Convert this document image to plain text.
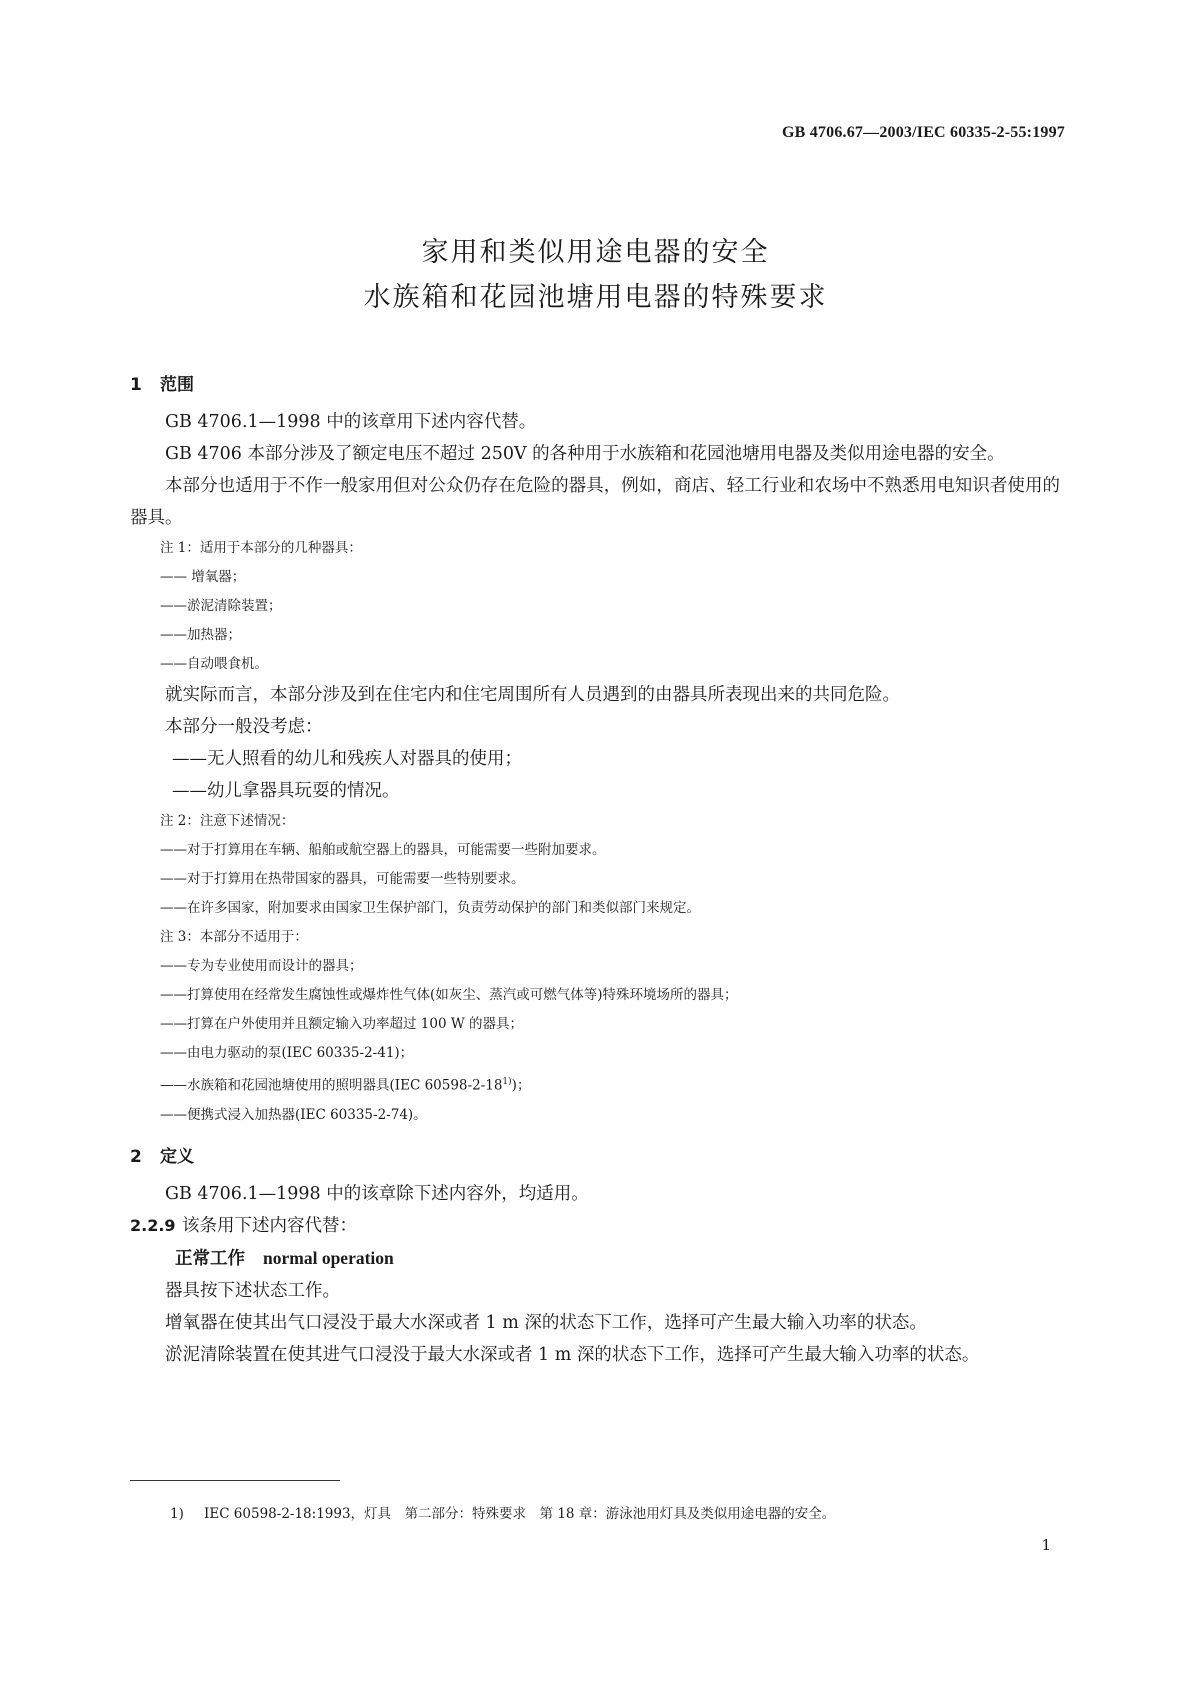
GB 4706.67—2003/IEC 60335-2-55:1997
家用和类似用途电器的安全
水族箱和花园池塘用电器的特殊要求
1 范围

GB 4706.1—1998 中的该章用下述内容代替。

GB 4706 本部分涉及了额定电压不超过 250V 的各种用于水族箱和花园池塘用电器及类似用途电器的安全。

本部分也适用于不作一般家用但对公众仍存在危险的器具，例如，商店、轻工行业和农场中不熟悉用电知识者使用的器具。

注 1：适用于本部分的几种器具：

—— 增氧器；

——淤泥清除装置；

——加热器；

——自动喂食机。

就实际而言，本部分涉及到在住宅内和住宅周围所有人员遇到的由器具所表现出来的共同危险。

本部分一般没考虑：

——无人照看的幼儿和残疾人对器具的使用；

——幼儿拿器具玩耍的情况。

注 2：注意下述情况：

——对于打算用在车辆、船舶或航空器上的器具，可能需要一些附加要求。

——对于打算用在热带国家的器具，可能需要一些特别要求。

——在许多国家，附加要求由国家卫生保护部门，负责劳动保护的部门和类似部门来规定。

注 3：本部分不适用于：

——专为专业使用而设计的器具；

——打算使用在经常发生腐蚀性或爆炸性气体(如灰尘、蒸汽或可燃气体等)特殊环境场所的器具；

——打算在户外使用并且额定输入功率超过 100 W 的器具；

——由电力驱动的泵(IEC 60335-2-41)；

——水族箱和花园池塘使用的照明器具(IEC 60598-2-18$^{1)}$)；

——便携式浸入加热器(IEC 60335-2-74)。

2 定义

GB 4706.1—1998 中的该章除下述内容外，均适用。

2.2.9 该条用下述内容代替：

正常工作 normal operation

器具按下述状态工作。

增氧器在使其出气口浸没于最大水深或者 1 m 深的状态下工作，选择可产生最大输入功率的状态。

淤泥清除装置在使其进气口浸没于最大水深或者 1 m 深的状态下工作，选择可产生最大输入功率的状态。

1) IEC 60598-2-18:1993，灯具　第二部分：特殊要求　第 18 章：游泳池用灯具及类似用途电器的安全。
1
